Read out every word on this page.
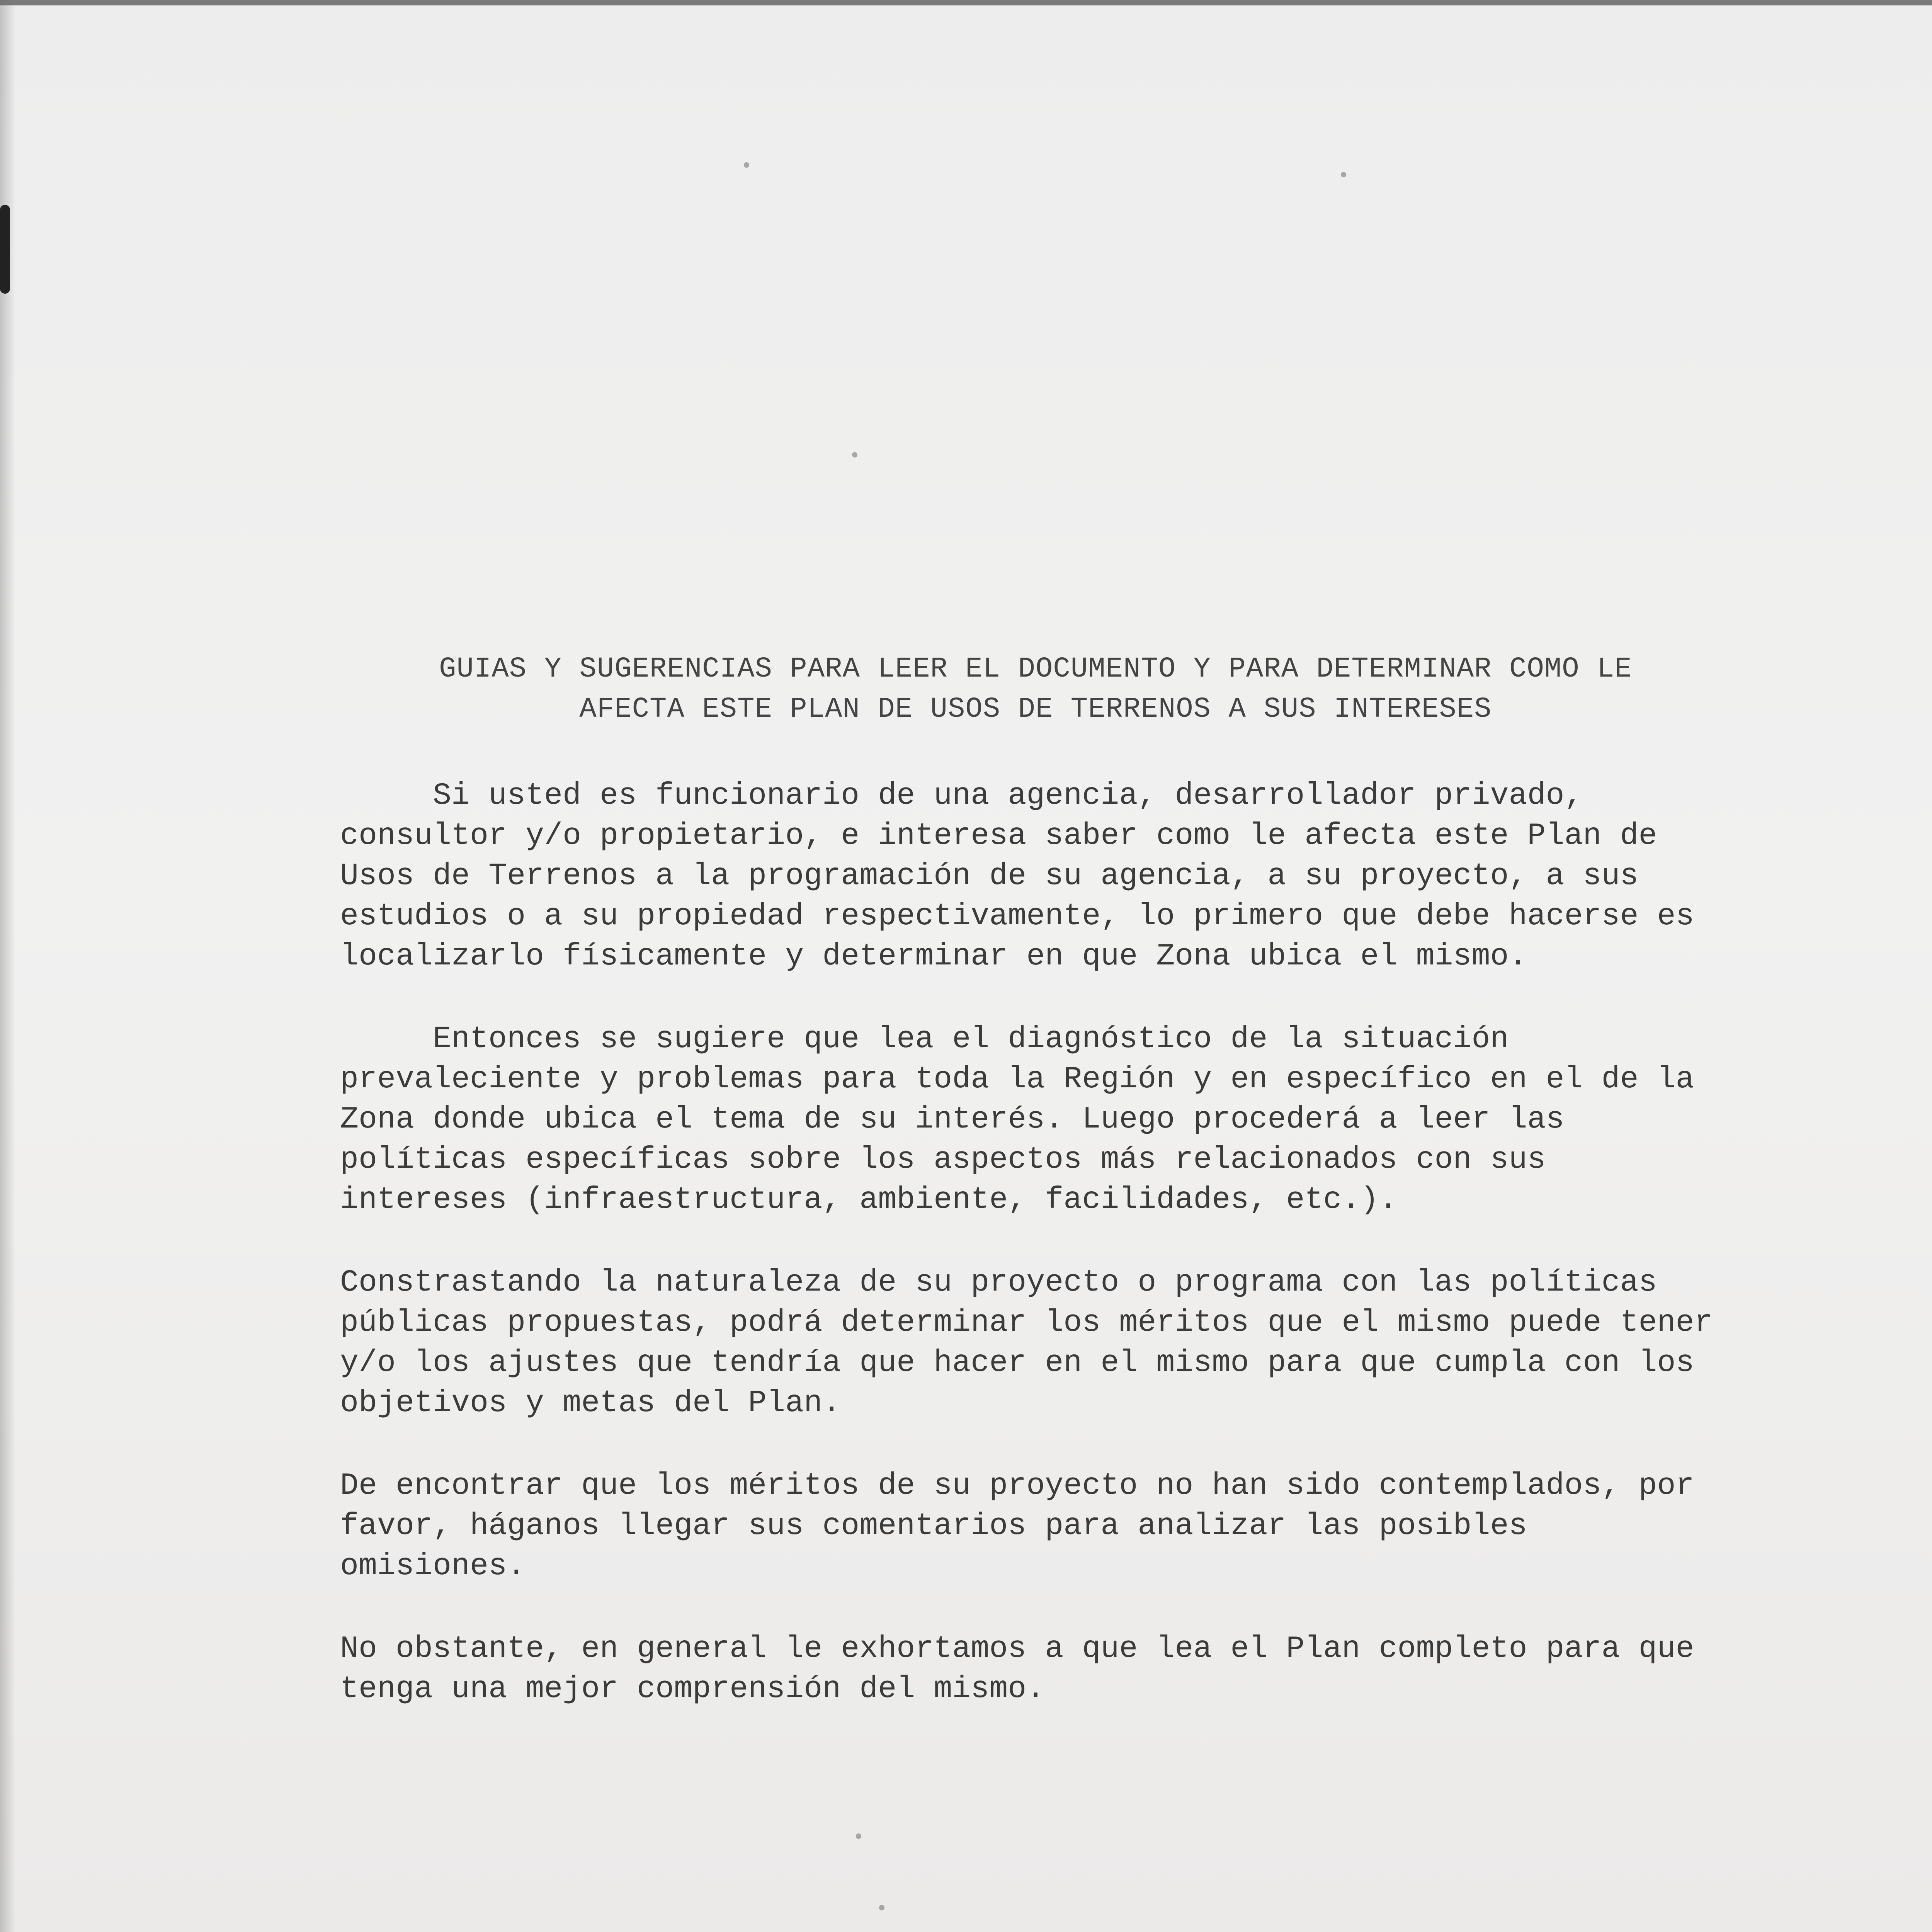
GUIAS Y SUGERENCIAS PARA LEER EL DOCUMENTO Y PARA DETERMINAR COMO LE
AFECTA ESTE PLAN DE USOS DE TERRENOS A SUS INTERESES

Si usted es funcionario de una agencia, desarrollador privado, consultor y/o propietario, e interesa saber como le afecta este Plan de Usos de Terrenos a la programación de su agencia, a su proyecto, a sus estudios o a su propiedad respectivamente, lo primero que debe hacerse es localizarlo físicamente y determinar en que Zona ubica el mismo.

Entonces se sugiere que lea el diagnóstico de la situación prevaleciente y problemas para toda la Región y en específico en el de la Zona donde ubica el tema de su interés. Luego procederá a leer las políticas específicas sobre los aspectos más relacionados con sus intereses (infraestructura, ambiente, facilidades, etc.).

Constrastando la naturaleza de su proyecto o programa con las políticas públicas propuestas, podrá determinar los méritos que el mismo puede tener y/o los ajustes que tendría que hacer en el mismo para que cumpla con los objetivos y metas del Plan.

De encontrar que los méritos de su proyecto no han sido contemplados, por favor, háganos llegar sus comentarios para analizar las posibles omisiones.

No obstante, en general le exhortamos a que lea el Plan completo para que tenga una mejor comprensión del mismo.
